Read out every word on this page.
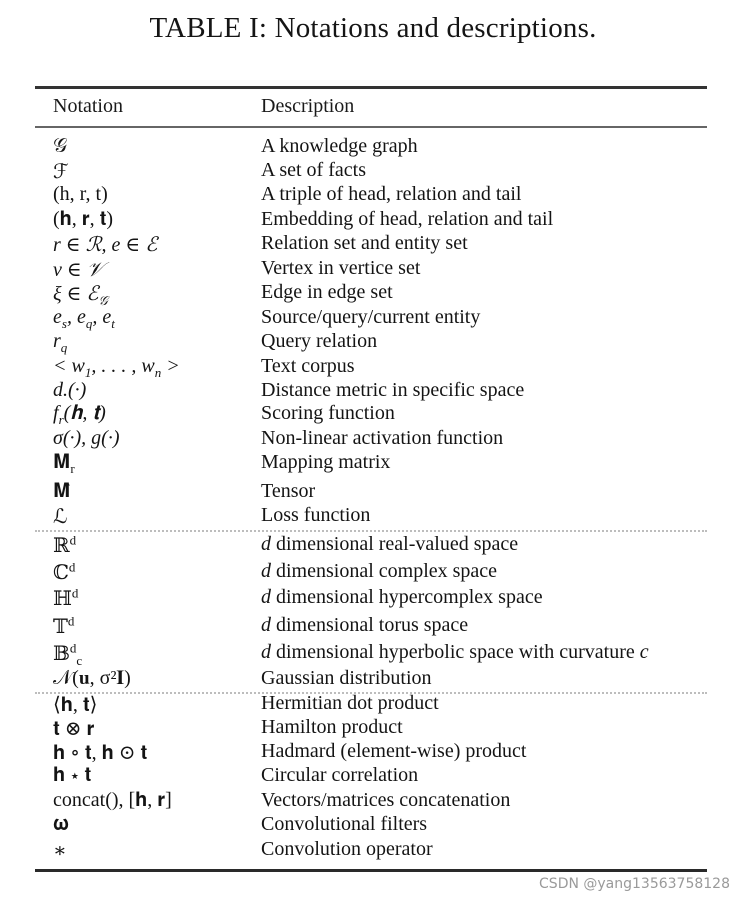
TABLE I: Notations and descriptions.
Notation	Description
𝒢	A knowledge graph
ℱ	A set of facts
(h, r, t)	A triple of head, relation and tail
(𝐡, 𝐫, 𝐭)	Embedding of head, relation and tail
r ∈ ℛ, e ∈ ℰ	Relation set and entity set
v ∈ 𝒱	Vertex in vertice set
ξ ∈ ℰ$_𝒢$	Edge in edge set
$e_s$, $e_q$, $e_t$	Source/query/current entity
$r_q$	Query relation
< $w_1$, . . . , $w_n$ >	Text corpus
d.(·)	Distance metric in specific space
$f_r(𝐡$, 𝐭)	Scoring function
σ(·), g(·)	Non-linear activation function
𝐌$_r$	Mapping matrix
𝐌̂	Tensor
ℒ	Loss function
ℝ$^d$	d dimensional real-valued space
ℂ$^d$	d dimensional complex space
ℍ$^d$	d dimensional hypercomplex space
𝕋$^d$	d dimensional torus space
𝔹$^d_c$	d dimensional hyperbolic space with curvature c
𝒩(𝐮, σ²𝐈)	Gaussian distribution
⟨𝐡, 𝐭⟩	Hermitian dot product
𝐭 ⊗ 𝐫	Hamilton product
𝐡 ∘ 𝐭, 𝐡 ⊙ 𝐭	Hadmard (element-wise) product
𝐡 ⋆ 𝐭	Circular correlation
concat(), [𝐡, 𝐫]	Vectors/matrices concatenation
𝛚	Convolutional filters
∗	Convolution operator
CSDN @yang13563758128
